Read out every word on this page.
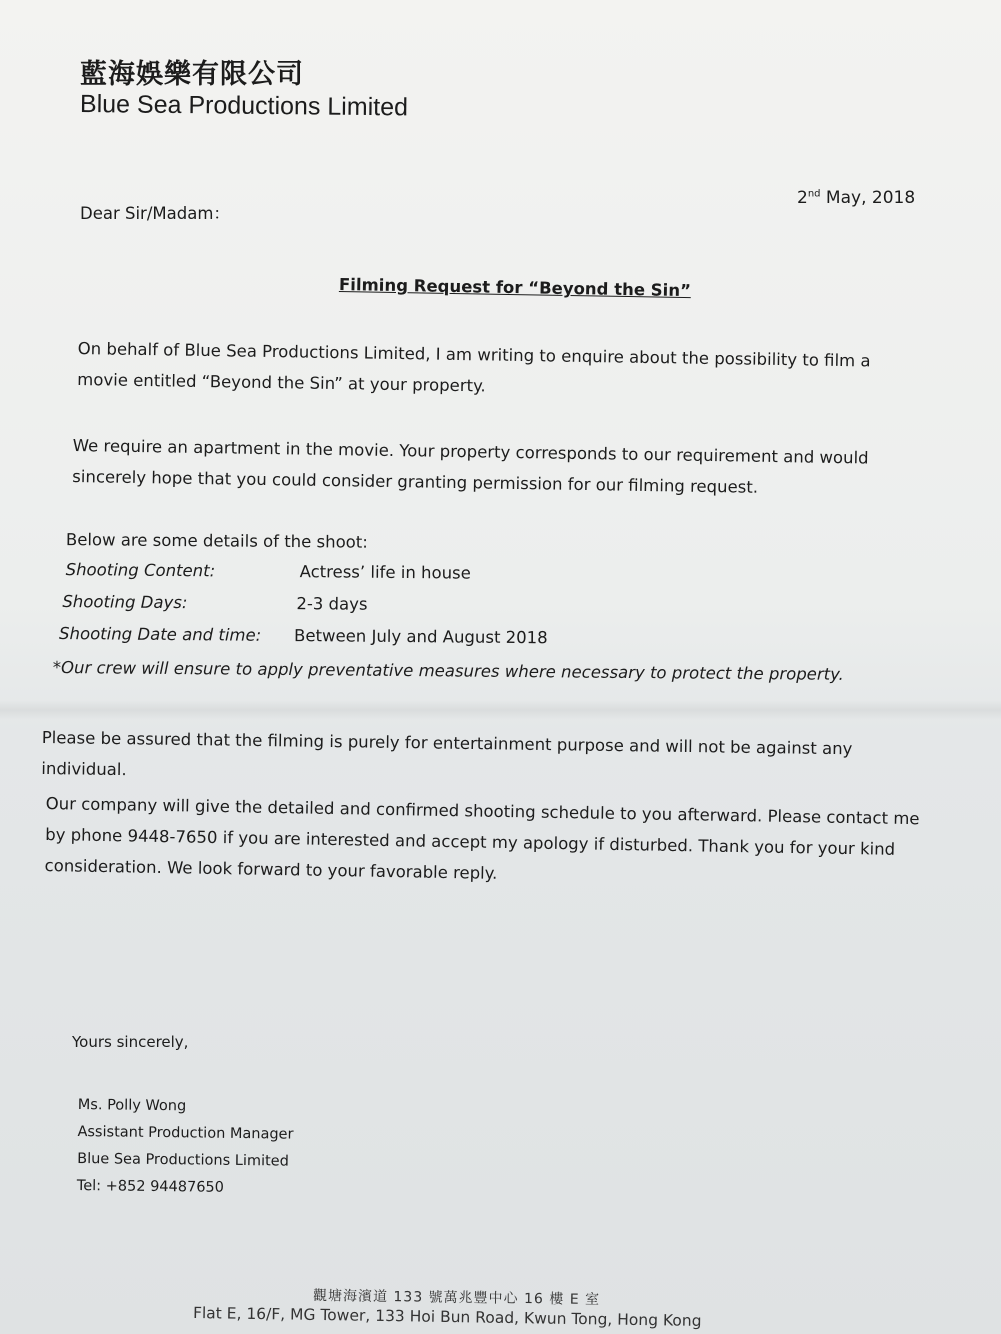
藍海娛樂有限公司
Blue Sea Productions Limited
Dear Sir/Madam：
2nd May, 2018
Filming Request for “Beyond the Sin”
On behalf of Blue Sea Productions Limited, I am writing to enquire about the possibility to film a movie entitled “Beyond the Sin” at your property.
We require an apartment in the movie. Your property corresponds to our requirement and would sincerely hope that you could consider granting permission for our filming request.
Below are some details of the shoot:
Shooting Content:	Actress’ life in house
Shooting Days:	2-3 days
Shooting Date and time: Between July and August 2018
*Our crew will ensure to apply preventative measures where necessary to protect the property.
Please be assured that the filming is purely for entertainment purpose and will not be against any individual.
Our company will give the detailed and confirmed shooting schedule to you afterward. Please contact me by phone 9448-7650 if you are interested and accept my apology if disturbed. Thank you for your kind consideration. We look forward to your favorable reply.
Yours sincerely,
Ms. Polly Wong
Assistant Production Manager
Blue Sea Productions Limited
Tel: +852 94487650
觀塘海濱道 133 號萬兆豐中心 16 樓 E 室
Flat E, 16/F, MG Tower, 133 Hoi Bun Road, Kwun Tong, Hong Kong
